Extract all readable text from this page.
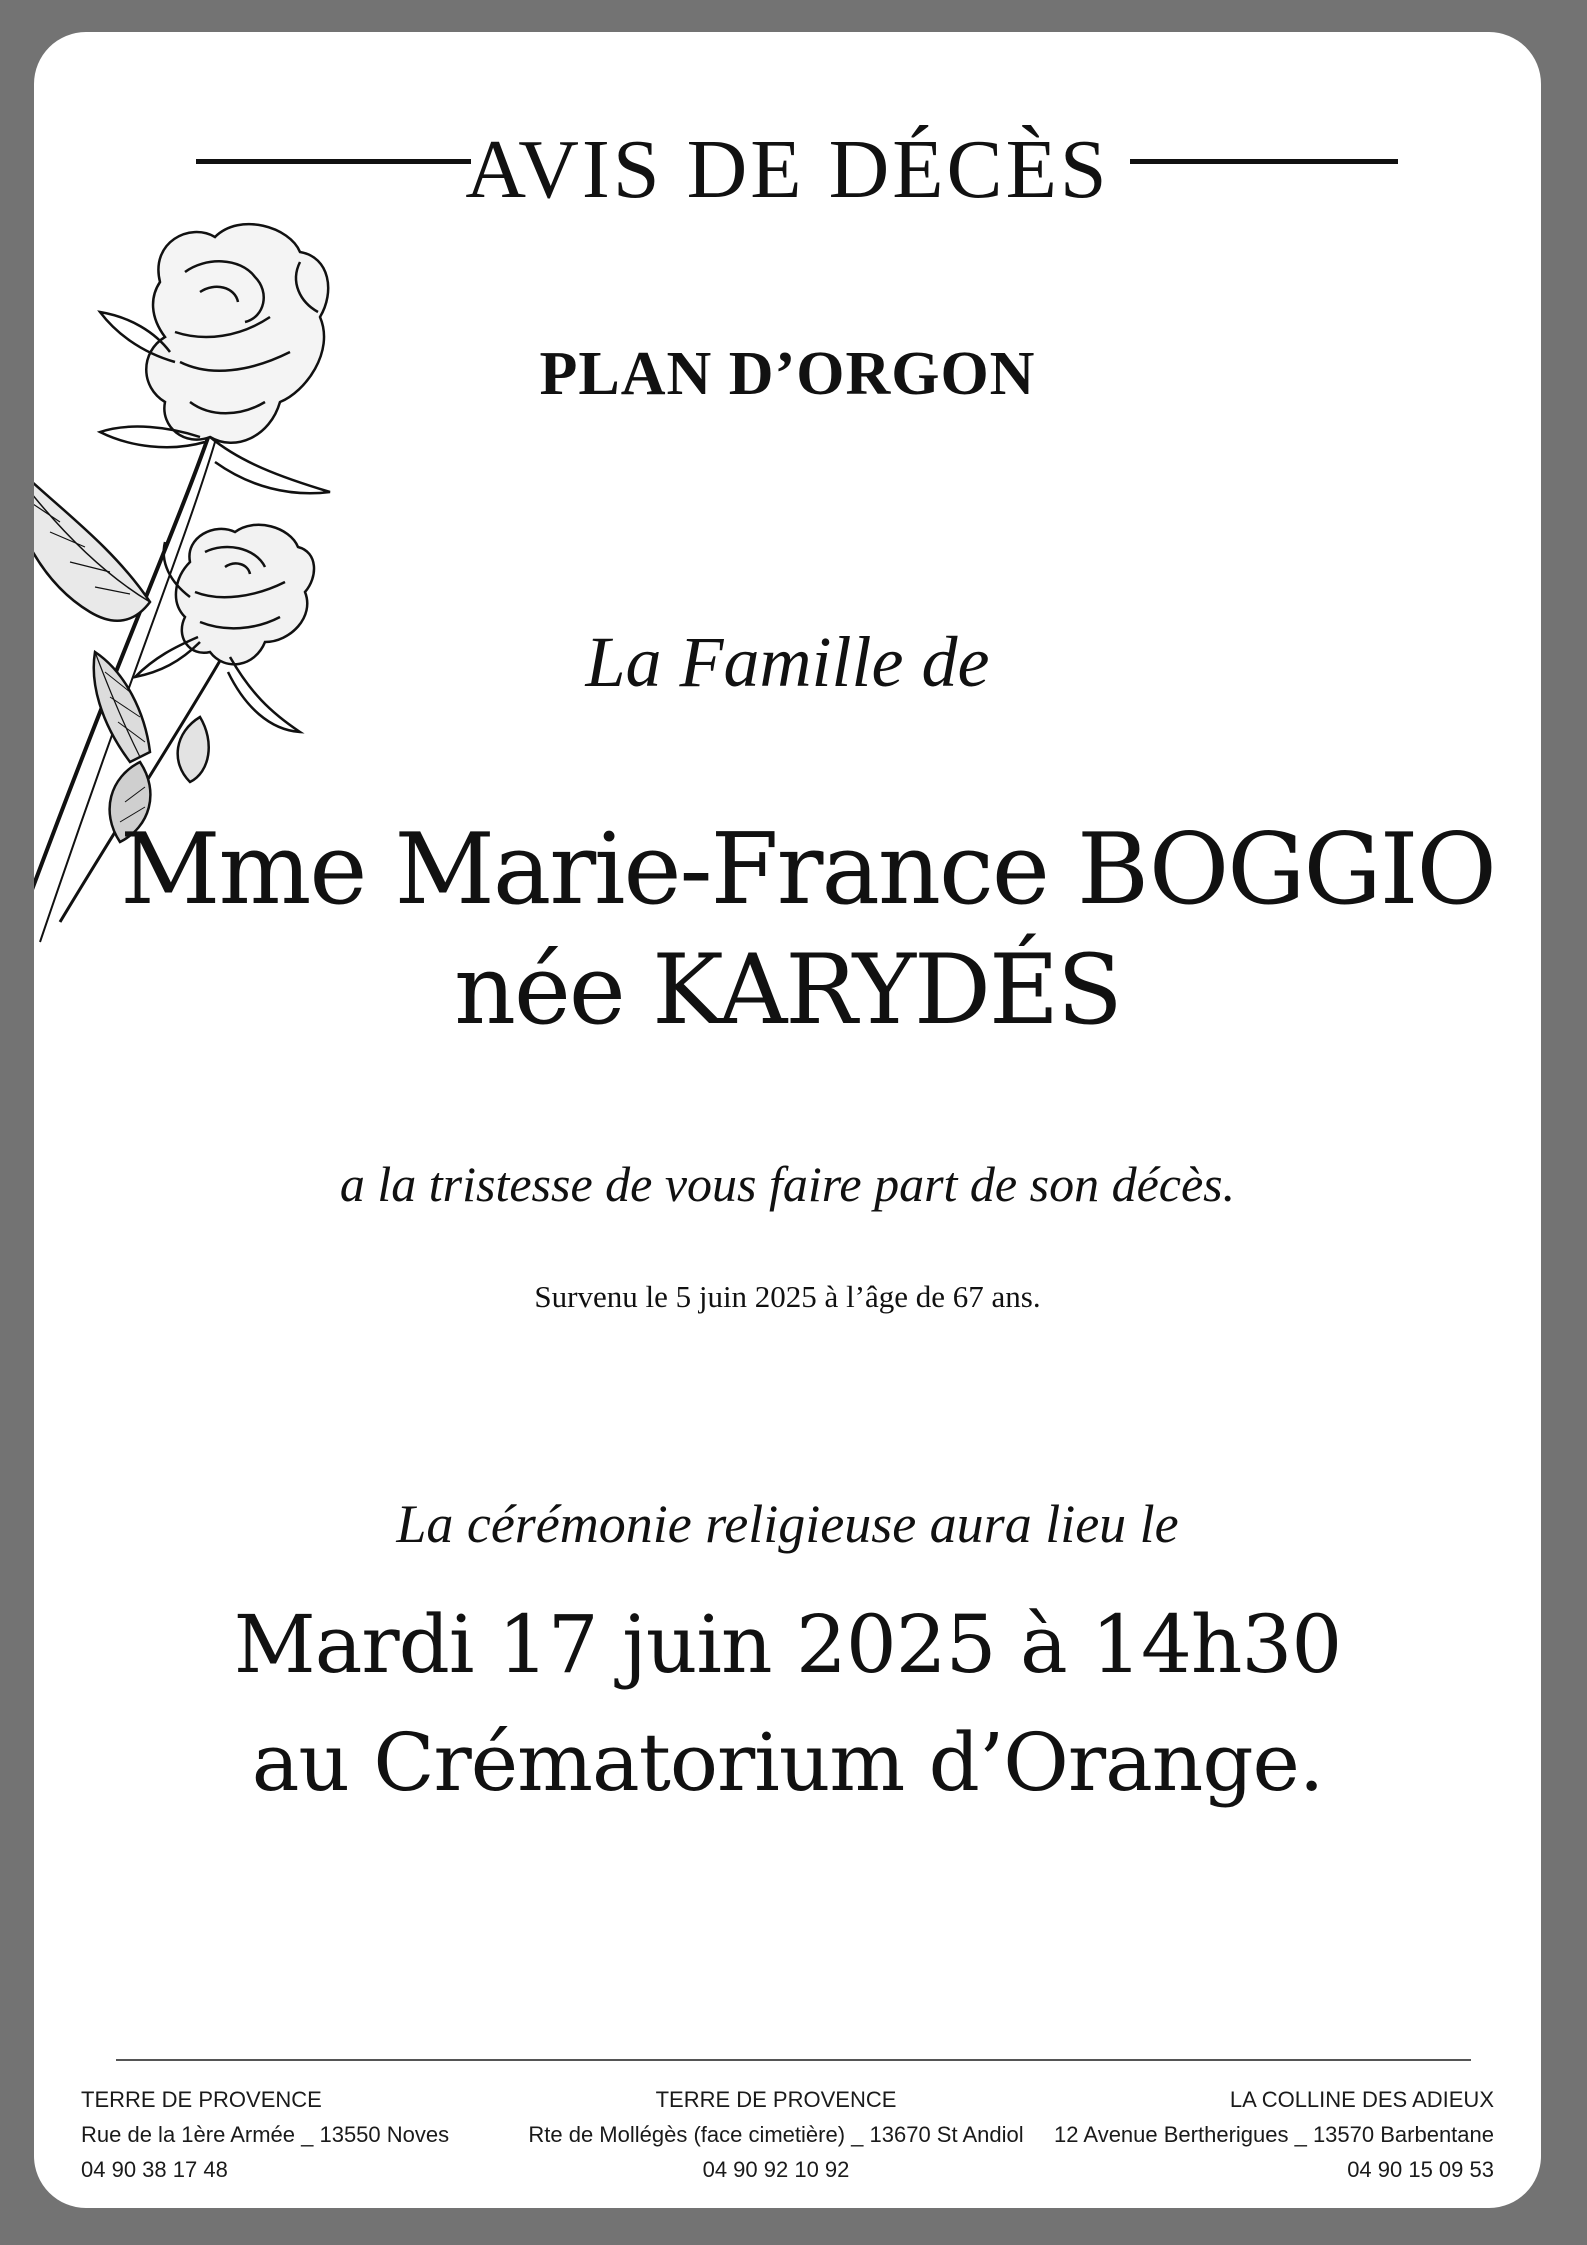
AVIS DE DÉCÈS
PLAN D’ORGON
La Famille de
Mme Marie-France BOGGIO
née KARYDÉS
a la tristesse de vous faire part de son décès.
Survenu le 5 juin 2025 à l’âge de 67 ans.
La cérémonie religieuse aura lieu le
Mardi 17 juin 2025 à 14h30
au Crématorium d’Orange.
TERRE DE PROVENCE
Rue de la 1ère Armée _ 13550 Noves
04 90 38 17 48
TERRE DE PROVENCE
Rte de Mollégès (face cimetière) _ 13670 St Andiol
04 90 92 10 92
LA COLLINE DES ADIEUX
12 Avenue Bertherigues _ 13570 Barbentane
04 90 15 09 53
